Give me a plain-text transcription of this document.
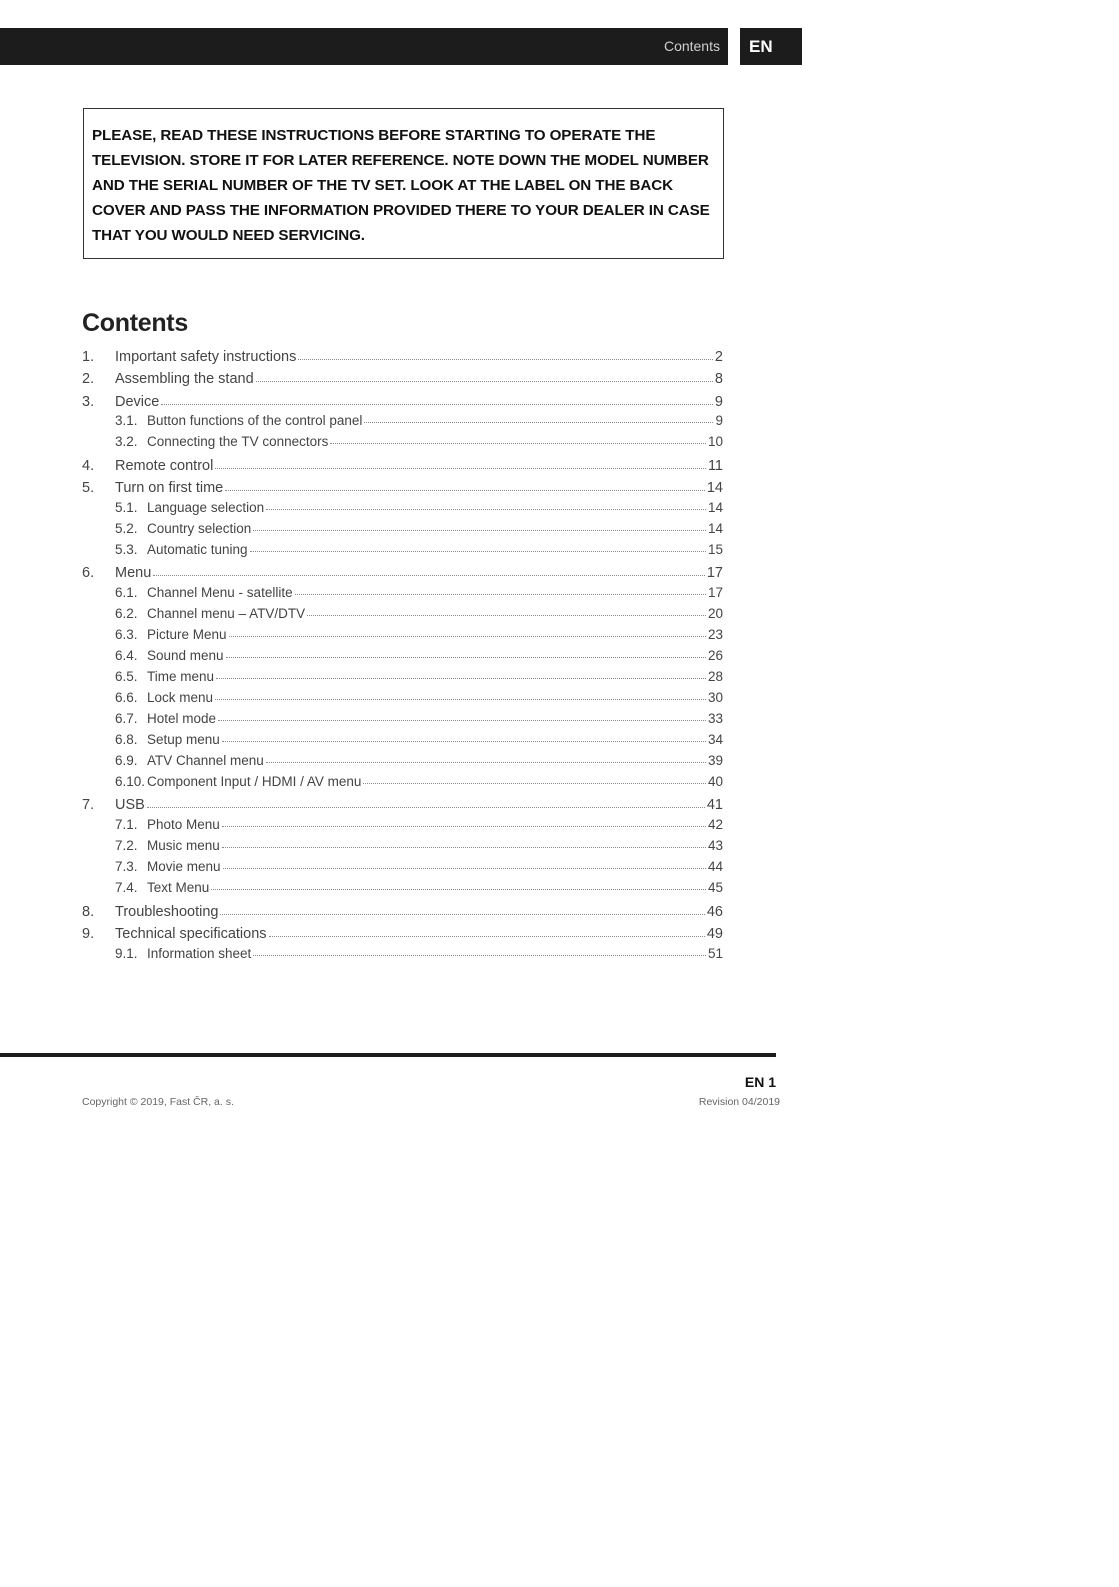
Contents	EN
PLEASE, READ THESE INSTRUCTIONS BEFORE STARTING TO OPERATE THE TELEVISION. STORE IT FOR LATER REFERENCE. NOTE DOWN THE MODEL NUMBER AND THE SERIAL NUMBER OF THE TV SET. LOOK AT THE LABEL ON THE BACK COVER AND PASS THE INFORMATION PROVIDED THERE TO YOUR DEALER IN CASE THAT YOU WOULD NEED SERVICING.
Contents
1.	Important safety instructions	2
2.	Assembling the stand	8
3.	Device	9
3.1. Button functions of the control panel	9
3.2. Connecting the TV connectors	10
4.	Remote control	11
5.	Turn on first time	14
5.1. Language selection	14
5.2. Country selection	14
5.3. Automatic tuning	15
6.	Menu	17
6.1. Channel Menu - satellite	17
6.2. Channel menu – ATV/DTV	20
6.3. Picture Menu	23
6.4. Sound menu	26
6.5. Time menu	28
6.6. Lock menu	30
6.7. Hotel mode	33
6.8. Setup menu	34
6.9. ATV Channel menu	39
6.10. Component Input / HDMI / AV menu	40
7.	USB	41
7.1. Photo Menu	42
7.2. Music menu	43
7.3. Movie menu	44
7.4. Text Menu	45
8.	Troubleshooting	46
9.	Technical specifications	49
9.1. Information sheet	51
EN 1
Copyright © 2019, Fast ČR, a. s.	Revision 04/2019
